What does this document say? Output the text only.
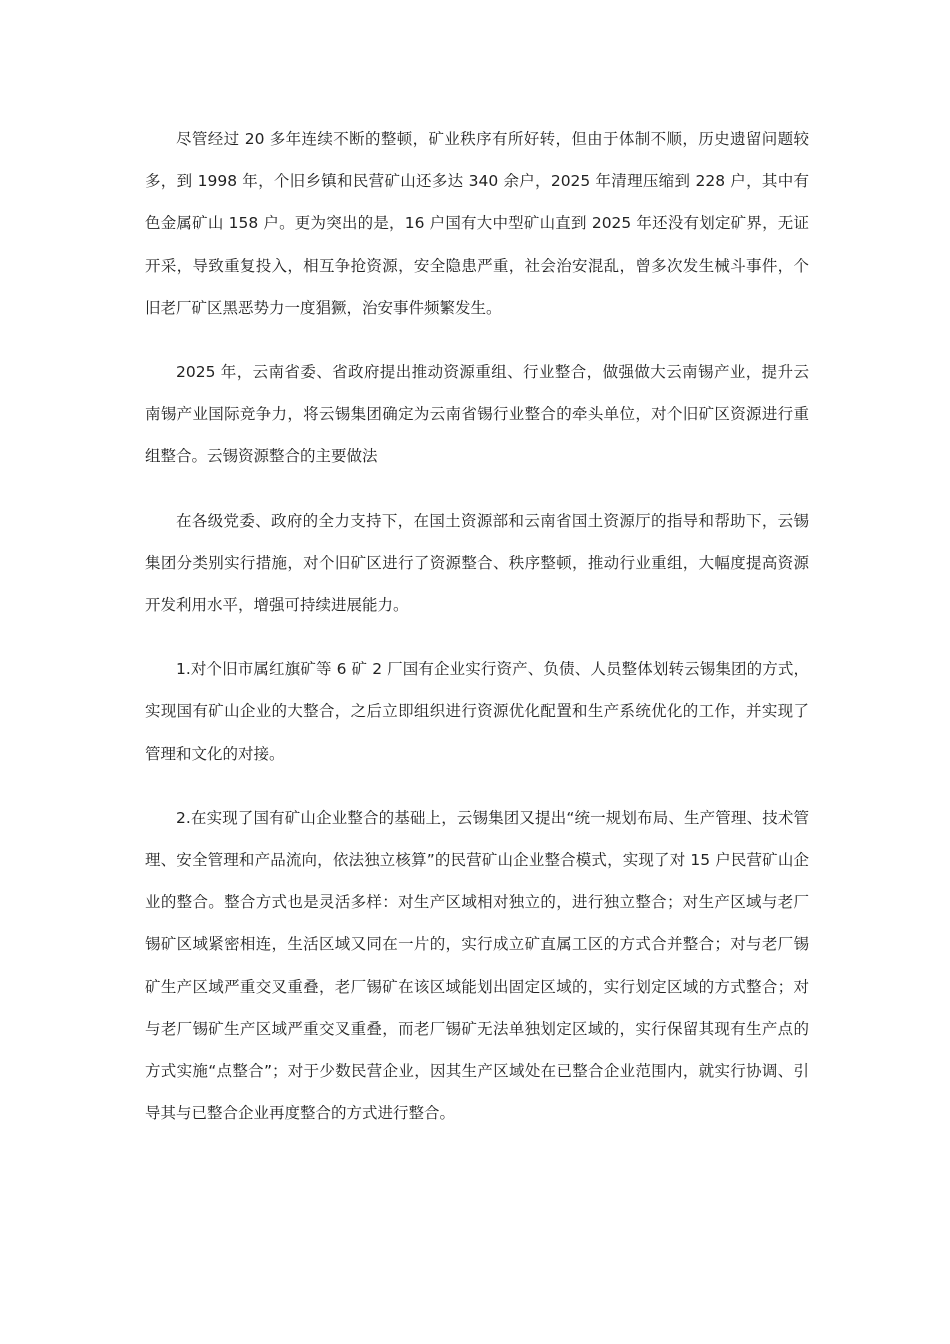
尽管经过 20 多年连续不断的整顿，矿业秩序有所好转，但由于体制不顺，历史遗留问题较多，到 1998 年，个旧乡镇和民营矿山还多达 340 余户，2025 年清理压缩到 228 户，其中有色金属矿山 158 户。更为突出的是，16 户国有大中型矿山直到 2025 年还没有划定矿界，无证开采，导致重复投入，相互争抢资源，安全隐患严重，社会治安混乱，曾多次发生械斗事件，个旧老厂矿区黑恶势力一度猖獗，治安事件频繁发生。

2025 年，云南省委、省政府提出推动资源重组、行业整合，做强做大云南锡产业，提升云南锡产业国际竞争力，将云锡集团确定为云南省锡行业整合的牵头单位，对个旧矿区资源进行重组整合。云锡资源整合的主要做法

在各级党委、政府的全力支持下，在国土资源部和云南省国土资源厅的指导和帮助下，云锡集团分类别实行措施，对个旧矿区进行了资源整合、秩序整顿，推动行业重组，大幅度提高资源开发利用水平，增强可持续进展能力。

1.对个旧市属红旗矿等 6 矿 2 厂国有企业实行资产、负债、人员整体划转云锡集团的方式，实现国有矿山企业的大整合，之后立即组织进行资源优化配置和生产系统优化的工作，并实现了管理和文化的对接。

2.在实现了国有矿山企业整合的基础上，云锡集团又提出“统一规划布局、生产管理、技术管理、安全管理和产品流向，依法独立核算”的民营矿山企业整合模式，实现了对 15 户民营矿山企业的整合。整合方式也是灵活多样：对生产区域相对独立的，进行独立整合；对生产区域与老厂锡矿区域紧密相连，生活区域又同在一片的，实行成立矿直属工区的方式合并整合；对与老厂锡矿生产区域严重交叉重叠，老厂锡矿在该区域能划出固定区域的，实行划定区域的方式整合；对与老厂锡矿生产区域严重交叉重叠，而老厂锡矿无法单独划定区域的，实行保留其现有生产点的方式实施“点整合”；对于少数民营企业，因其生产区域处在已整合企业范围内，就实行协调、引导其与已整合企业再度整合的方式进行整合。
